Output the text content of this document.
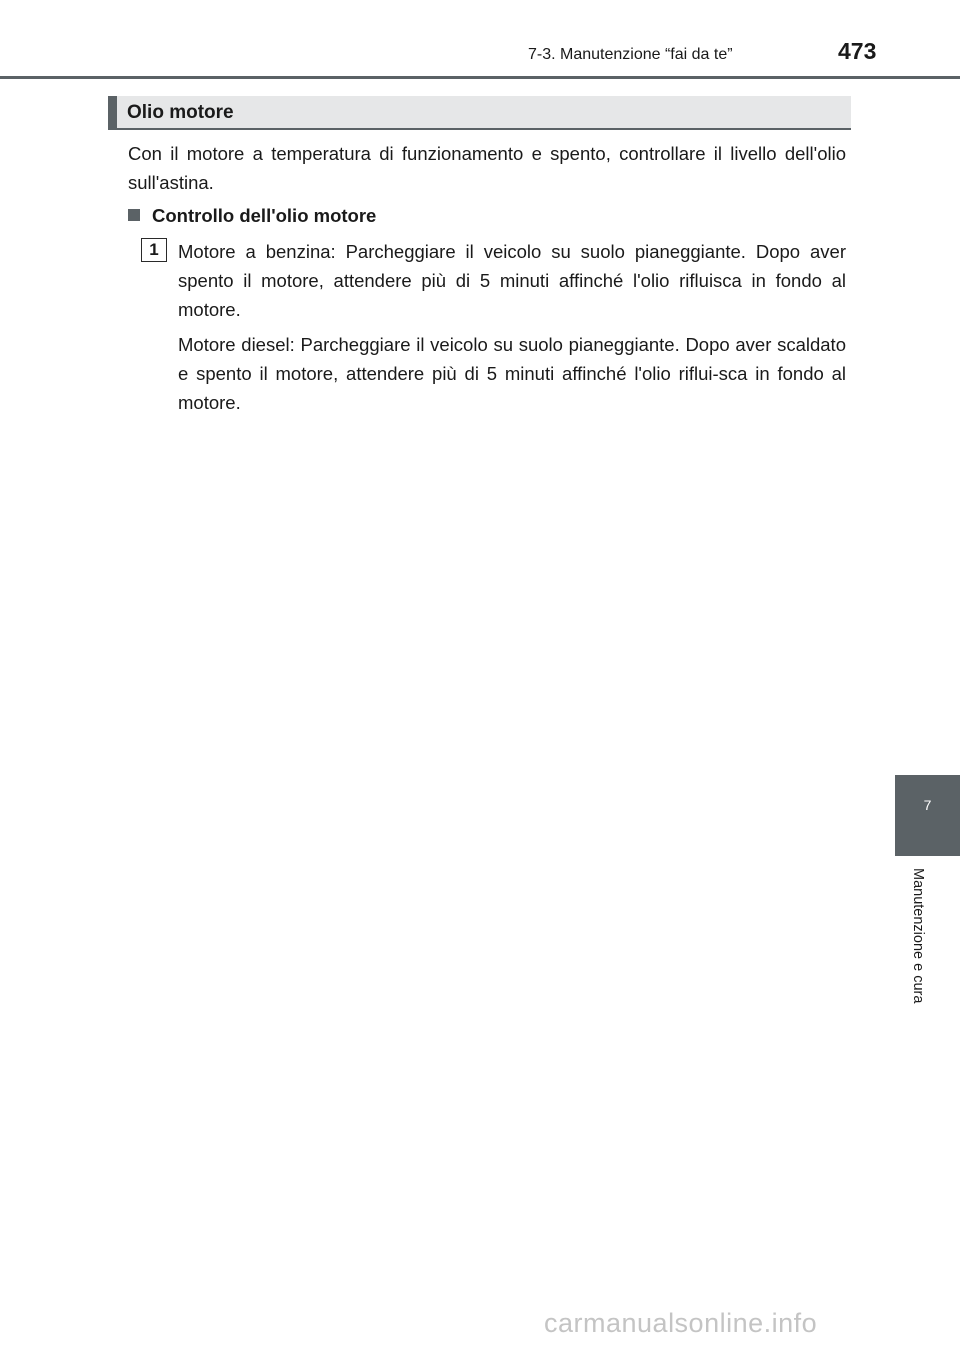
7-3. Manutenzione “fai da te”	473
Olio motore
Con il motore a temperatura di funzionamento e spento, controllare il livello dell'olio sull'astina.
Controllo dell'olio motore
1	Motore a benzina: Parcheggiare il veicolo su suolo pianeggiante. Dopo aver spento il motore, attendere più di 5 minuti affinché l'olio rifluisca in fondo al motore.
Motore diesel: Parcheggiare il veicolo su suolo pianeggiante. Dopo aver scaldato e spento il motore, attendere più di 5 minuti affinché l'olio riflui-sca in fondo al motore.
7
Manutenzione e cura
carmanualsonline.info
